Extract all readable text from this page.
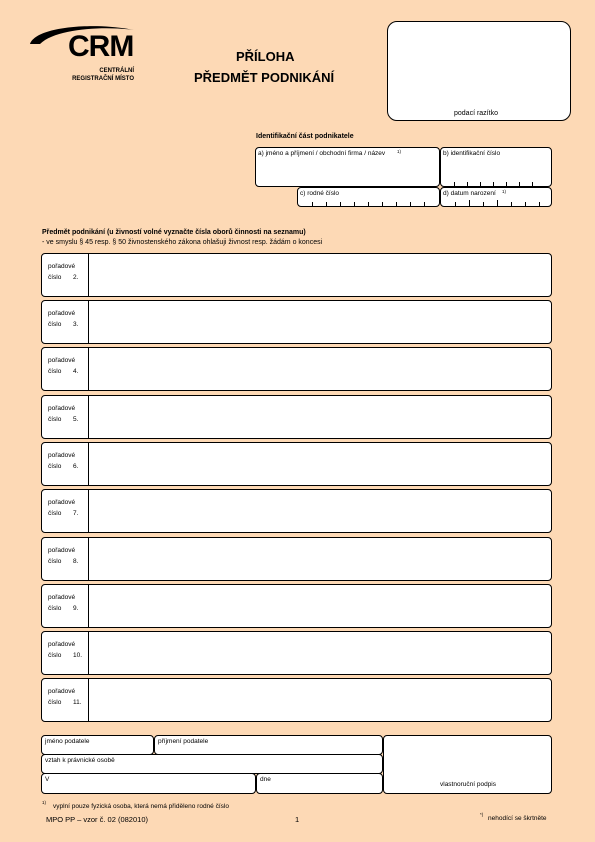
CRM
CENTRÁLNÍ
REGISTRAČNÍ MÍSTO
PŘÍLOHA
PŘEDMĚT PODNIKÁNÍ
podací razítko
Identifikační část podnikatele
a) jméno a příjmení / obchodní firma / název	1)	b) identifikační číslo
c) rodné číslo	d) datum narození 1)
Předmět podnikání (u živností volné vyznačte čísla oborů činnosti na seznamu)
- ve smyslu § 45 resp. § 50 živnostenského zákona ohlašuji živnost resp. žádám o koncesi
pořadové
číslo 2.
pořadové
číslo 3.
pořadové
číslo 4.
pořadové
číslo 5.
pořadové
číslo 6.
pořadové
číslo 7.
pořadové
číslo 8.
pořadové
číslo 9.
pořadové
číslo 10.
pořadové
číslo 11.
jméno podatele	příjmení podatele
vztah k právnické osobě
V	dne
vlastnoruční podpis
1)
vyplní pouze fyzická osoba, která nemá přiděleno rodné číslo
MPO PP – vzor č. 02 (082010)	1
*)
nehodící se škrtněte
